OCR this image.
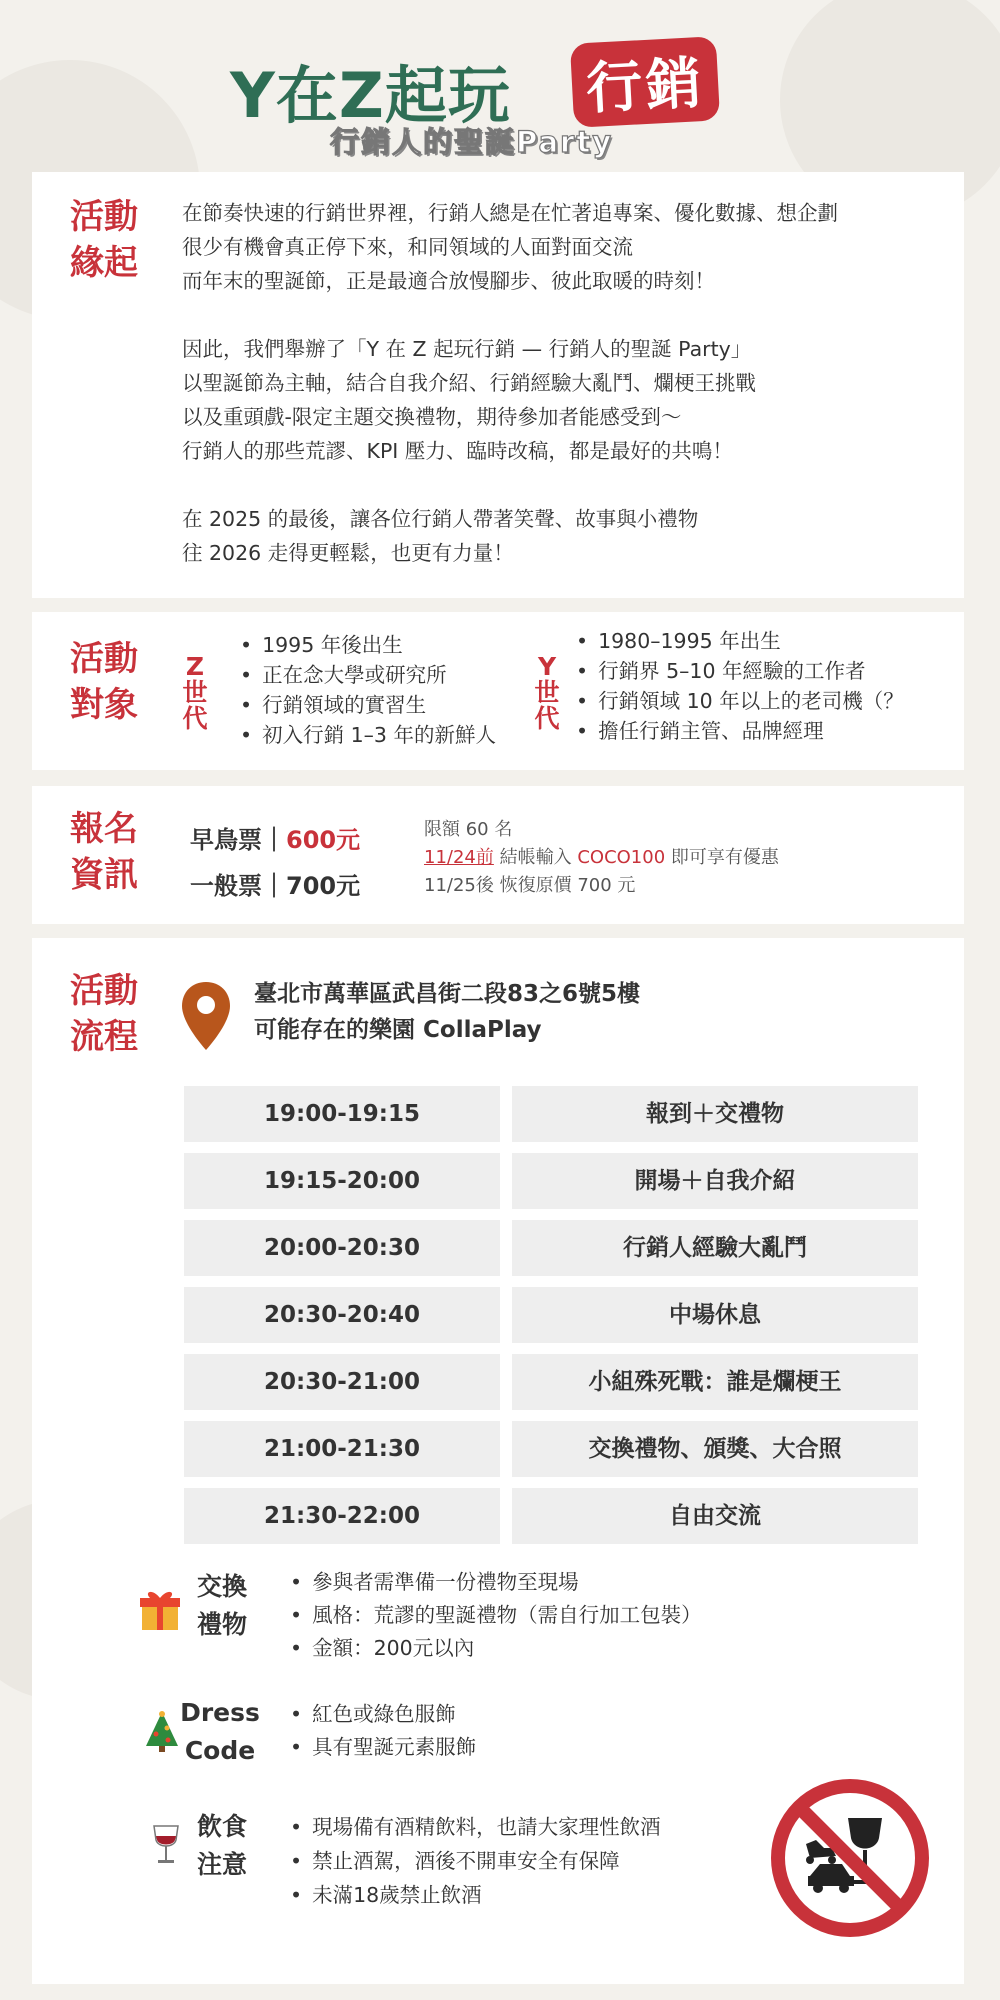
Y在Z起玩 行銷
行銷人的聖誕Party
活動
緣起
在節奏快速的行銷世界裡，行銷人總是在忙著追專案、優化數據、想企劃
很少有機會真正停下來，和同領域的人面對面交流
而年末的聖誕節，正是最適合放慢腳步、彼此取暖的時刻！

因此，我們舉辦了「Y 在 Z 起玩行銷 — 行銷人的聖誕 Party」
以聖誕節為主軸，結合自我介紹、行銷經驗大亂鬥、爛梗王挑戰
以及重頭戲-限定主題交換禮物，期待參加者能感受到～
行銷人的那些荒謬、KPI 壓力、臨時改稿，都是最好的共鳴！

在 2025 的最後，讓各位行銷人帶著笑聲、故事與小禮物
往 2026 走得更輕鬆，也更有力量！
活動
對象
Z
世
代
• 1995 年後出生
• 正在念大學或研究所
• 行銷領域的實習生
• 初入行銷 1–3 年的新鮮人
Y
世
代
• 1980–1995 年出生
• 行銷界 5–10 年經驗的工作者
• 行銷領域 10 年以上的老司機（？
• 擔任行銷主管、品牌經理
報名
資訊
早鳥票｜600元
一般票｜700元
限額 60 名
11/24前 結帳輸入 COCO100 即可享有優惠
11/25後 恢復原價 700 元
活動
流程
臺北市萬華區武昌街二段83之6號5樓
可能存在的樂園 CollaPlay
19:00-19:15	報到＋交禮物
19:15-20:00	開場＋自我介紹
20:00-20:30	行銷人經驗大亂鬥
20:30-20:40	中場休息
20:30-21:00	小組殊死戰：誰是爛梗王
21:00-21:30	交換禮物、頒獎、大合照
21:30-22:00	自由交流
交換
禮物
• 參與者需準備一份禮物至現場
• 風格：荒謬的聖誕禮物（需自行加工包裝）
• 金額：200元以內
Dress
Code
• 紅色或綠色服飾
• 具有聖誕元素服飾
飲食
注意
• 現場備有酒精飲料，也請大家理性飲酒
• 禁止酒駕，酒後不開車安全有保障
• 未滿18歲禁止飲酒
